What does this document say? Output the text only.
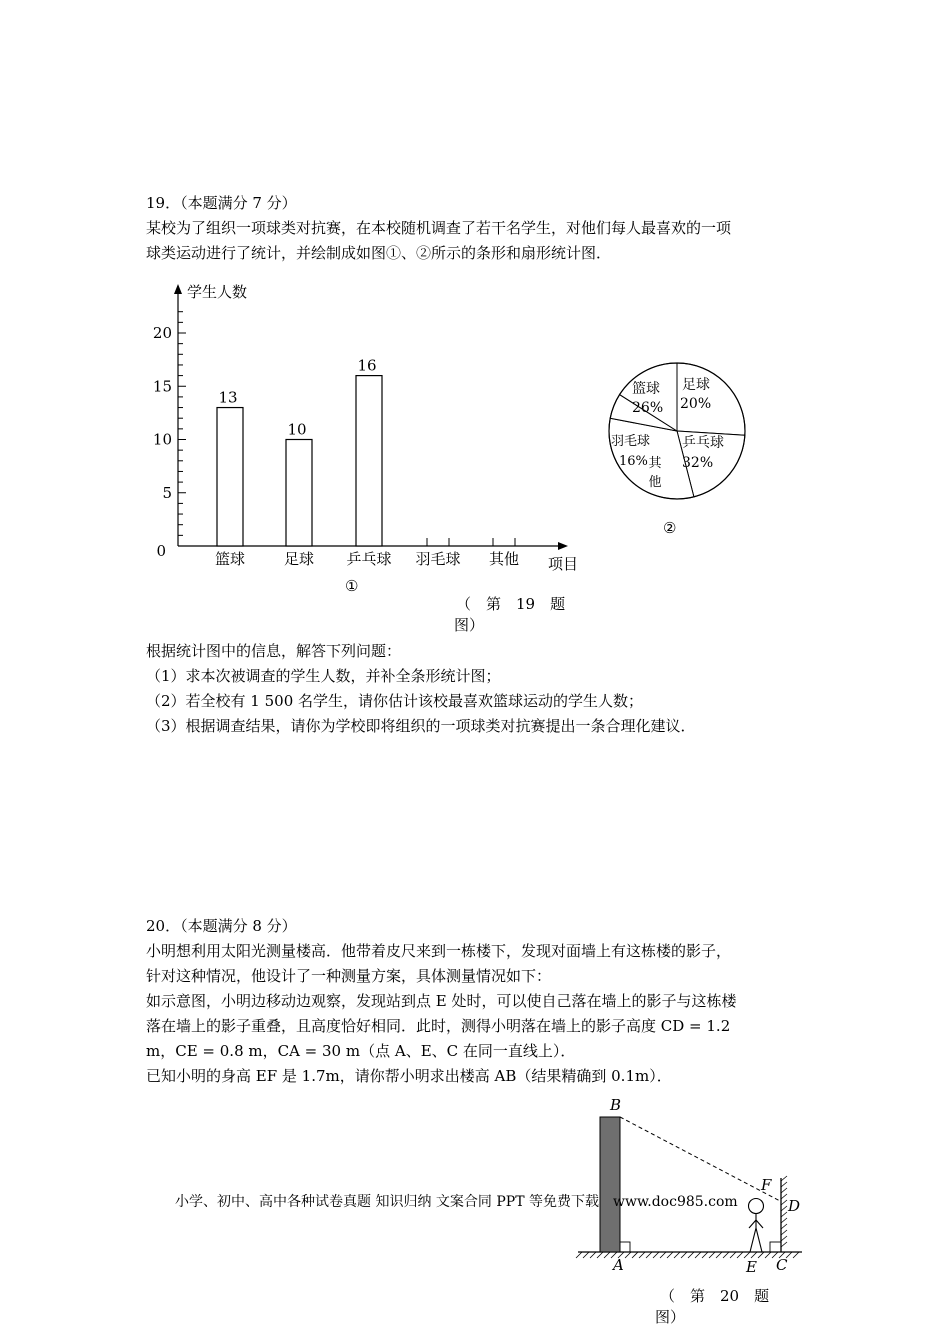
19．（本题满分 7 分）
某校为了组织一项球类对抗赛，在本校随机调查了若干名学生，对他们每人最喜欢的一项
球类运动进行了统计，并绘制成如图①、②所示的条形和扇形统计图．
0
5
10
15
20
13
10
16
篮球	足球 乒乓球 羽毛球 其他
学生人数
项目
①
篮球
26%
足球
20%
乒乓球
32%
羽毛球
16% 其
他
②
（　第　19　题
图）
根据统计图中的信息，解答下列问题：
（1）求本次被调查的学生人数，并补全条形统计图；
（2）若全校有 1 500 名学生，请你估计该校最喜欢篮球运动的学生人数；
（3）根据调查结果，请你为学校即将组织的一项球类对抗赛提出一条合理化建议．
20．（本题满分 8 分）
小明想利用太阳光测量楼高．他带着皮尺来到一栋楼下，发现对面墙上有这栋楼的影子，
针对这种情况，他设计了一种测量方案，具体测量情况如下：
如示意图，小明边移动边观察，发现站到点 E 处时，可以使自己落在墙上的影子与这栋楼
落在墙上的影子重叠，且高度恰好相同．此时，测得小明落在墙上的影子高度 CD = 1.2
m，CE = 0.8 m，CA = 30 m（点 A、E、C 在同一直线上）．
已知小明的身高 EF 是 1.7m，请你帮小明求出楼高 AB（结果精确到 0.1m）．
B
F
D
A	E C
（　第　20　题
图）
小学、初中、高中各种试卷真题 知识归纳 文案合同 PPT 等免费下载　www.doc985.com
